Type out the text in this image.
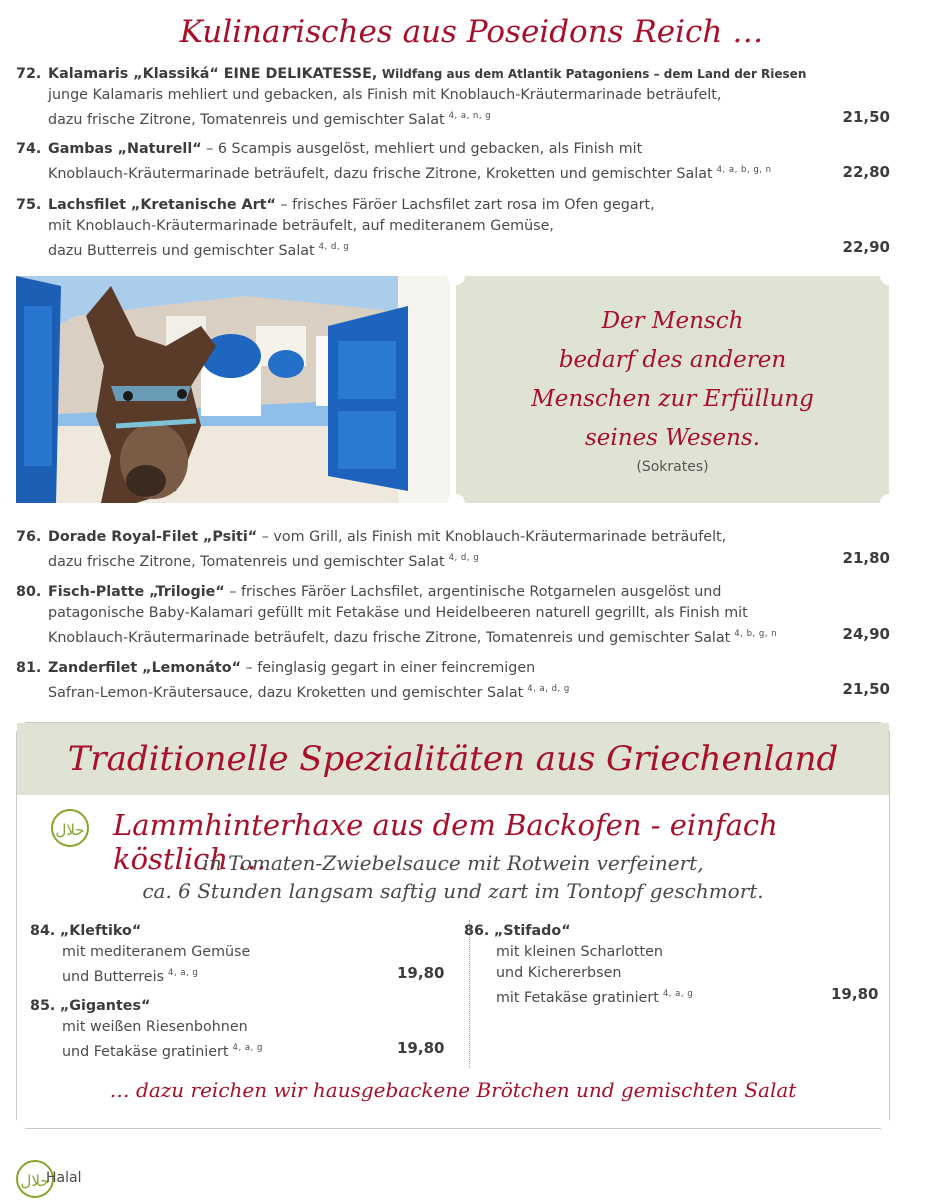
Kulinarisches aus Poseidons Reich …
72. Kalamaris „Klassiká“ EINE DELIKATESSE, Wildfang aus dem Atlantik Patagoniens – dem Land der Riesen
junge Kalamaris mehliert und gebacken, als Finish mit Knoblauch-Kräutermarinade beträufelt,
dazu frische Zitrone, Tomatenreis und gemischter Salat $^{4, a, n, g}$	21,50
74. Gambas „Naturell“ – 6 Scampis ausgelöst, mehliert und gebacken, als Finish mit
Knoblauch-Kräutermarinade beträufelt, dazu frische Zitrone, Kroketten und gemischter Salat $^{4, a, b, g, n}$	22,80
75. Lachsfilet „Kretanische Art“ – frisches Färöer Lachsfilet zart rosa im Ofen gegart,
mit Knoblauch-Kräutermarinade beträufelt, auf mediteranem Gemüse,
dazu Butterreis und gemischter Salat $^{4, d, g}$	22,90
Der Mensch
bedarf des anderen
Menschen zur Erfüllung
seines Wesens.
(Sokrates)
76. Dorade Royal-Filet „Psiti“ – vom Grill, als Finish mit Knoblauch-Kräutermarinade beträufelt,
dazu frische Zitrone, Tomatenreis und gemischter Salat $^{4, d, g}$	21,80
80. Fisch-Platte „Trilogie“ – frisches Färöer Lachsfilet, argentinische Rotgarnelen ausgelöst und
patagonische Baby-Kalamari gefüllt mit Fetakäse und Heidelbeeren naturell gegrillt, als Finish mit
Knoblauch-Kräutermarinade beträufelt, dazu frische Zitrone, Tomatenreis und gemischter Salat $^{4, b, g, n}$	24,90
81. Zanderfilet „Lemonáto“ – feinglasig gegart in einer feincremigen
Safran-Lemon-Kräutersauce, dazu Kroketten und gemischter Salat $^{4, a, d, g}$	21,50
Traditionelle Spezialitäten aus Griechenland
حلال Lammhinterhaxe aus dem Backofen - einfach köstlich …
in Tomaten-Zwiebelsauce mit Rotwein verfeinert,
ca. 6 Stunden langsam saftig und zart im Tontopf geschmort.
84. „Kleftiko“
mit mediteranem Gemüse
und Butterreis $^{4, a, g}$	19,80
85. „Gigantes“
mit weißen Riesenbohnen
und Fetakäse gratiniert $^{4, a, g}$	19,80
86. „Stifado“
mit kleinen Scharlotten
und Kichererbsen
mit Fetakäse gratiniert $^{4, a, g}$	19,80
… dazu reichen wir hausgebackene Brötchen und gemischten Salat
حلال
Halal
